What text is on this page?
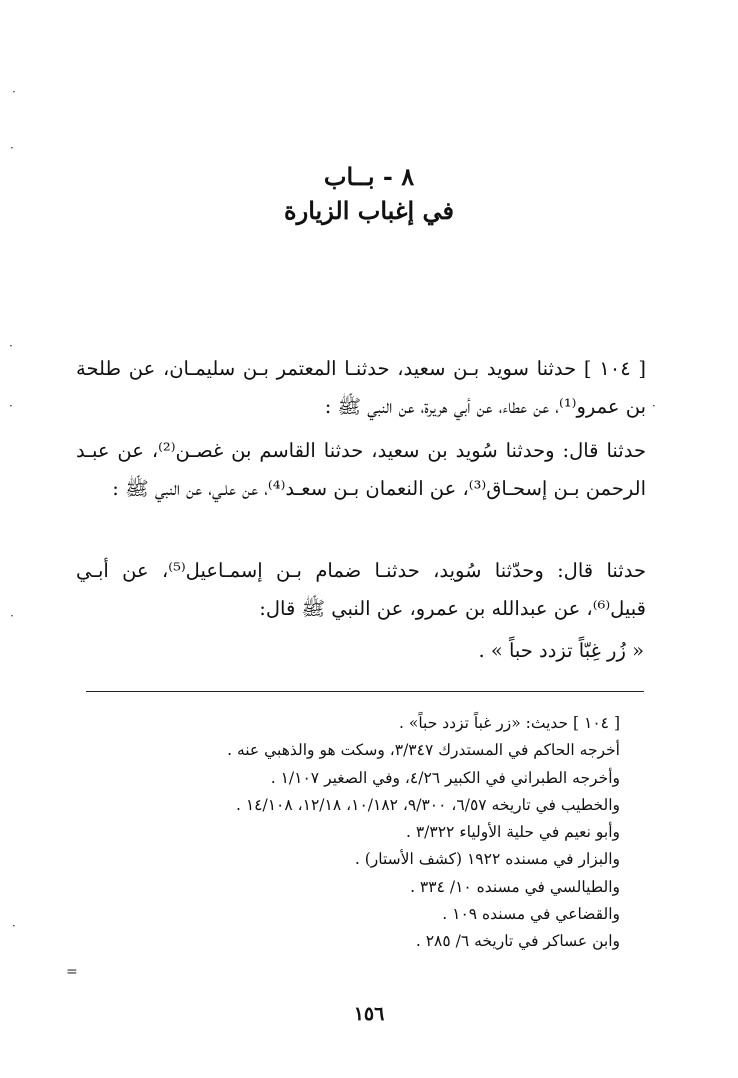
٨ - بــاب
في إغباب الزيارة

[ ١٠٤ ] حدثنا سويد بـن سعيد، حدثنـا المعتمر بـن سليمـان، عن طلحة بن عمرو⁽¹⁾، عن عطاء، عن أبي هريرة، عن النبي ﷺ :

حدثنا قال: وحدثنا سُويد بن سعيد، حدثنا القاسم بن غصـن⁽²⁾، عن عبـد الرحمن بـن إسحـاق⁽³⁾، عن النعمان بـن سعـد⁽⁴⁾، عن علـي، عن النبي ﷺ :

حدثنا قال: وحدّثنا سُويد، حدثنـا ضمام بـن إسمـاعيل⁽⁵⁾، عن أبـي قبيل⁽⁶⁾، عن عبدالله بن عمرو، عن النبي ﷺ قال:

« زُر غِبّاً تزدد حباً » .
[ ١٠٤ ] حديث: «زر غباً تزدد حباً» .
أخرجه الحاكم في المستدرك ٣/٣٤٧، وسكت هو والذهبي عنه .
وأخرجه الطبراني في الكبير ٤/٢٦، وفي الصغير ١/١٠٧ .
والخطيب في تاريخه ٦/٥٧، ٩/٣٠٠، ١٠/١٨٢، ١٢/١٨، ١٤/١٠٨ .
وأبو نعيم في حلية الأولياء ٣/٣٢٢ .
والبزار في مسنده ١٩٢٢ (كشف الأستار) .
والطيالسي في مسنده ١٠/ ٣٣٤ .
والقضاعي في مسنده ١٠٩ .
وابن عساكر في تاريخه ٦/ ٢٨٥ .
١٥٦
·
·
·
·
·
·
=
·
